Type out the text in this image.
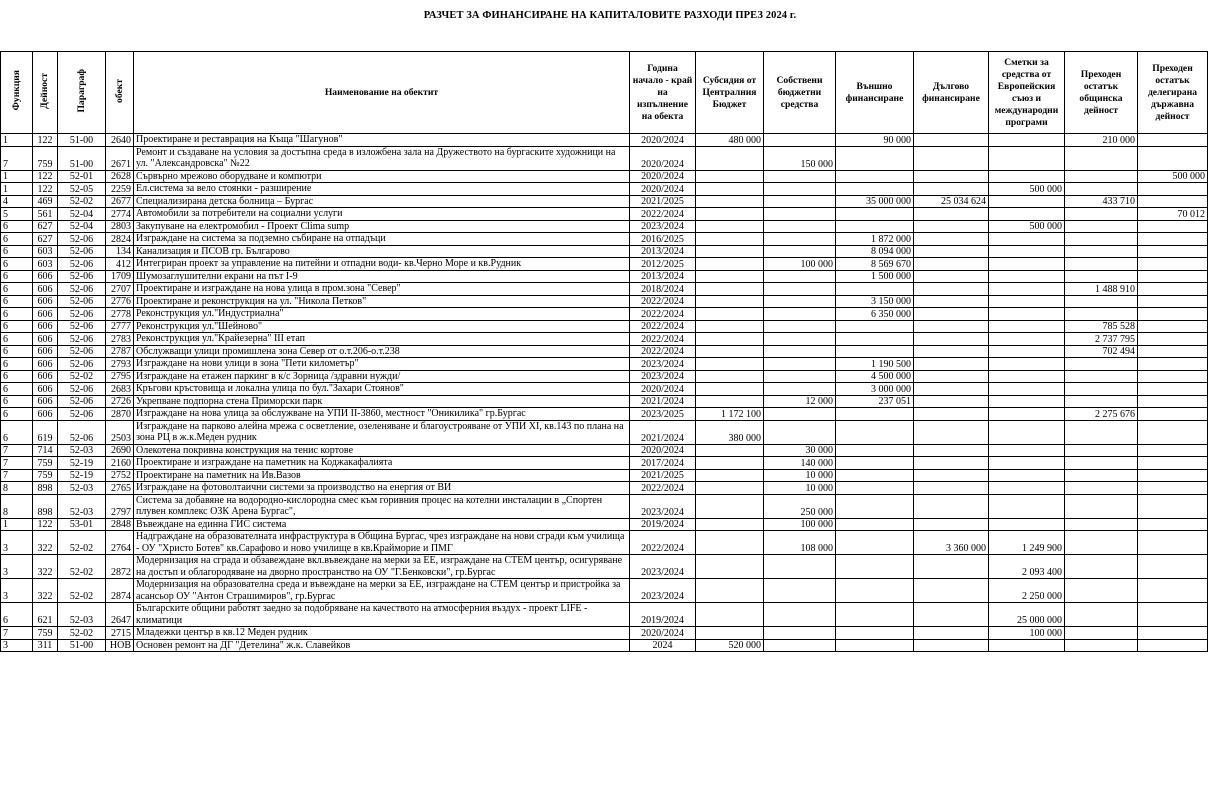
РАЗЧЕТ ЗА ФИНАНСИРАНЕ НА КАПИТАЛОВИТЕ РАЗХОДИ ПРЕЗ 2024 г.
Функция	Дейност	Параграф	обект	Наименование на обектит	Година начало - край на изпълнение на обекта	Субсидия от Централния Бюджет	Собствени бюджетни средства	Външно финансиране	Дългово финансиране	Сметки за средства от Европейския съюз и международни програми	Преходен остатък общинска дейност	Преходен остатък делегирана държавна дейност
1	122	51-00	2640	Проектиране и реставрация на Къща "Шагунов"	2020/2024	480 000		90 000			210 000	
7	759	51-00	2671	Ремонт и създаване на условия за достъпна среда в изложбена зала на Дружеството на бургаските художници на ул. "Александровска" №22	2020/2024		150 000					
1	122	52-01	2628	Сървърно мрежово оборудване и компютри	2020/2024							500 000
1	122	52-05	2259	Ел.система за вело стоянки - разширение	2020/2024					500 000		
4	469	52-02	2677	Специализирана детска болница – Бургас	2021/2025			35 000 000	25 034 624		433 710	
5	561	52-04	2774	Автомобили за потребители на социални услуги	2022/2024							70 012
6	627	52-04	2803	Закупуване на електромобил - Проект Clima sump	2023/2024					500 000		
6	627	52-06	2824	Изграждане на система за подземно събиране на отпадъци	2016/2025			1 872 000				
6	603	52-06	134	Канализация и ПСОВ гр. Българово	2013/2024			8 094 000				
6	603	52-06	412	Интегриран проект за управление на питейни и отпадни води- кв.Черно Море и кв.Рудник	2012/2025		100 000	8 569 670				
6	606	52-06	1709	Шумозаглушителни екрани на път I-9	2013/2024			1 500 000				
6	606	52-06	2707	Проектиране и изграждане на нова улица в пром.зона "Север"	2018/2024						1 488 910	
6	606	52-06	2776	Проектиране и реконструкция на ул. "Никола Петков"	2022/2024			3 150 000				
6	606	52-06	2778	Реконструкция ул."Индустриална"	2022/2024			6 350 000				
6	606	52-06	2777	Реконструкция ул."Шейново"	2022/2024						785 528	
6	606	52-06	2783	Реконструкция ул."Крайезерна" III етап	2022/2024						2 737 795	
6	606	52-06	2787	Обслужващи улици промишлена зона Север от о.т.206-о.т.238	2022/2024						702 494	
6	606	52-06	2793	Изграждане на нови улици в зона "Пети километър"	2023/2024			1 190 500				
6	606	52-02	2795	Изграждане на етажен паркинг в к/с Зорница /здравни нужди/	2023/2024			4 500 000				
6	606	52-06	2683	Кръгови кръстовища и локална улица по бул."Захари Стоянов"	2020/2024			3 000 000				
6	606	52-06	2726	Укрепване подпорна стена Приморски парк	2021/2024		12 000	237 051				
6	606	52-06	2870	Изграждане на нова улица за обслужване на УПИ II-3860, местност "Оникилика" гр.Бургас	2023/2025	1 172 100					2 275 676	
6	619	52-06	2503	Изграждане на парково алейна мрежа с осветление, озеленяване и благоустрояване от УПИ XI, кв.143 по плана на зона РЦ в ж.к.Меден рудник	2021/2024	380 000						
7	714	52-03	2690	Олекотена покривна конструкция на тенис кортове	2020/2024		30 000					
7	759	52-19	2160	Проектиране и изграждане на паметник на Коджакафалията	2017/2024		140 000					
7	759	52-19	2752	Проектиране на паметник на Ив.Вазов	2021/2025		10 000					
8	898	52-03	2765	Изграждане на фотоволтаични системи за производство на енергия от ВИ	2022/2024		10 000					
8	898	52-03	2797	Система за добавяне на водородно-кислородна смес към горивния процес на котелни инсталации в „Спортен плувен комплекс ОЗК Арена Бургас",	2023/2024		250 000					
1	122	53-01	2848	Въвеждане на единна ГИС система	2019/2024		100 000					
3	322	52-02	2764	Надграждане на образователната инфраструктура в Община Бургас, чрез изграждане на нови сгради към училища - ОУ "Христо Ботев" кв.Сарафово и ново училище в кв.Крайморие и ПМГ	2022/2024		108 000		3 360 000	1 249 900		
3	322	52-02	2872	Модернизация на сграда и обзавеждане вкл.въвеждане на мерки за ЕЕ, изграждане на СТЕМ център, осигуряване на достъп и облагородяване на дворно пространство на ОУ "Г.Бенковски", гр.Бургас	2023/2024					2 093 400		
3	322	52-02	2874	Модернизация на образователна среда и въвеждане на мерки за ЕЕ, изграждане на СТЕМ център и пристройка за асансьор ОУ "Антон Страшимиров", гр.Бургас	2023/2024					2 250 000		
6	621	52-03	2647	Българските общини работят заедно за подобряване на качеството на атмосферния въздух - проект LIFE - климатици	2019/2024					25 000 000		
7	759	52-02	2715	Младежки център в кв.12 Меден рудник	2020/2024					100 000		
3	311	51-00	НОВ	Основен ремонт на ДГ "Детелина" ж.к. Славейков	2024	520 000						
